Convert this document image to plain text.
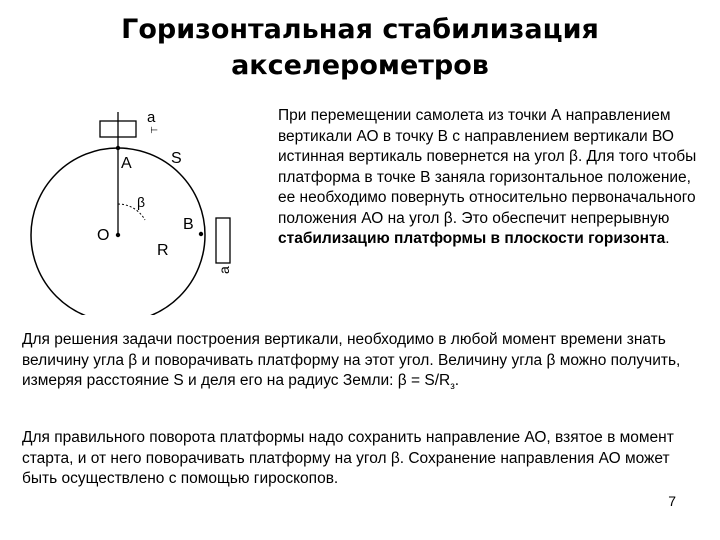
Горизонтальная стабилизация
акселерометров
a
⊥
A S
β
O
R
B
a

При перемещении самолета из точки А направлением вертикали АО в точку В с направлением вертикали ВО истинная вертикаль повернется на угол β. Для того чтобы платформа в точке В заняла горизонтальное положение, ее необходимо повернуть относительно первоначального положения АО на угол β. Это обеспечит непрерывную стабилизацию платформы в плоскости горизонта.

Для решения задачи построения вертикали, необходимо в любой момент времени знать величину угла β и поворачивать платформу на этот угол. Величину угла β можно получить, измеряя расстояние S и деля его на радиус Земли: $\beta = S/R_з$.

Для правильного поворота платформы надо сохранить направление АО, взятое в момент старта, и от него поворачивать платформу на угол β. Сохранение направления АО может быть осуществлено с помощью гироскопов.

7
